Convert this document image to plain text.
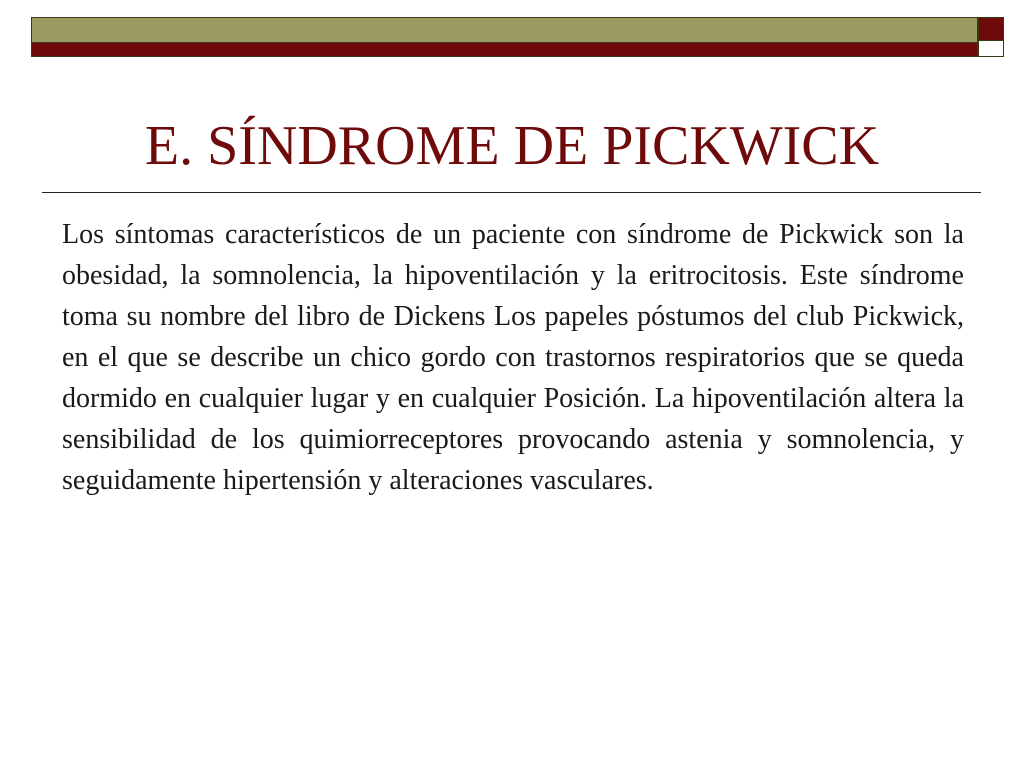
E. SÍNDROME DE PICKWICK

Los síntomas característicos de un paciente con síndrome de Pickwick son la obesidad, la somnolencia, la hipoventilación y la eritrocitosis. Este síndrome toma su nombre del libro de Dickens Los papeles póstumos del club Pickwick, en el que se describe un chico gordo con trastornos respiratorios que se queda dormido en cualquier lugar y en cualquier Posición. La hipoventilación altera la sensibilidad de los quimiorreceptores provocando astenia y somnolencia, y seguidamente hipertensión y alteraciones vasculares.
